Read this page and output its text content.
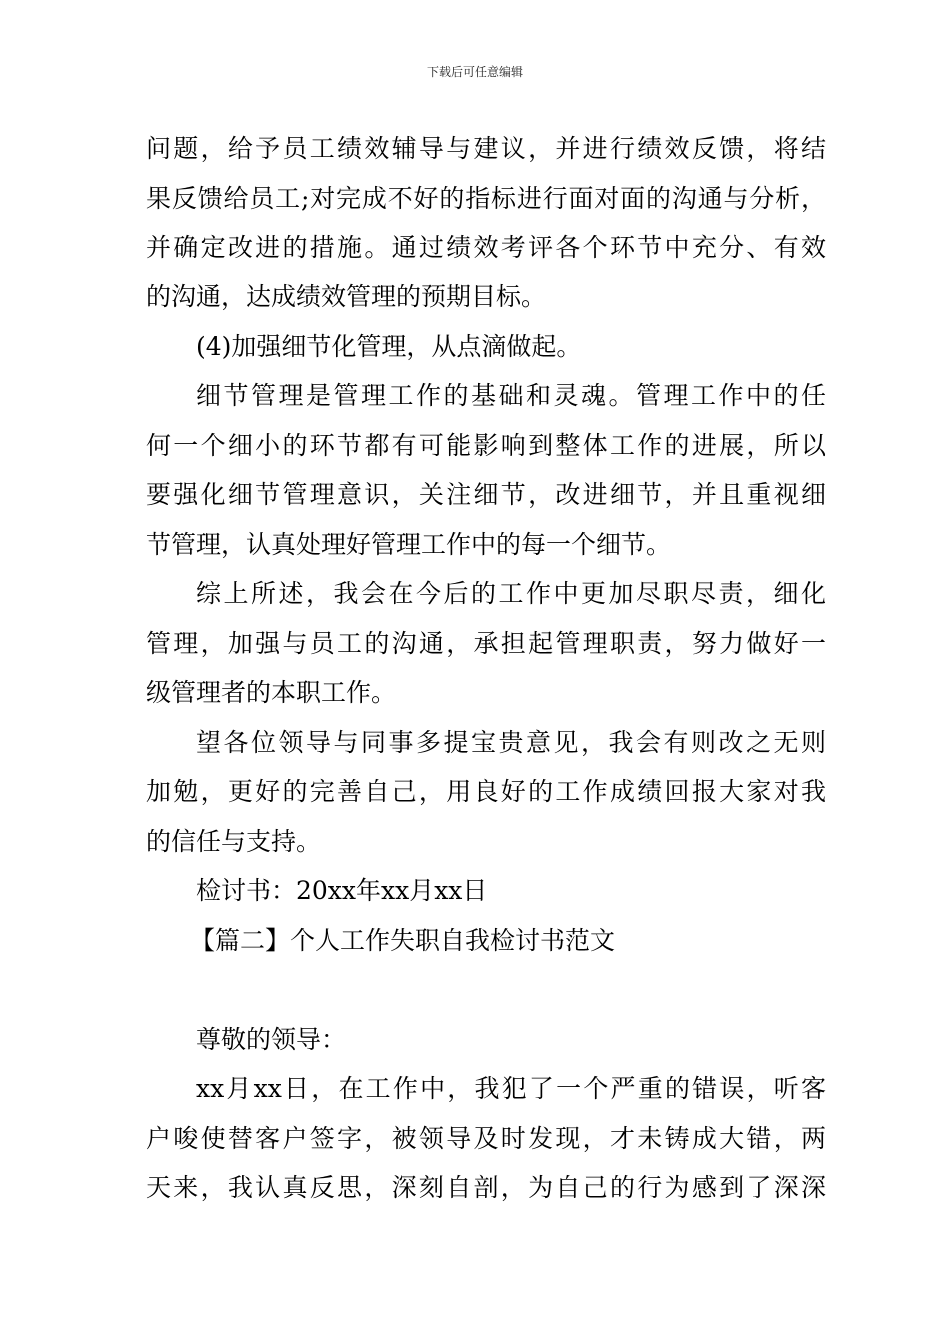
下载后可任意编辑
问题，给予员工绩效辅导与建议，并进行绩效反馈，将结
果反馈给员工;对完成不好的指标进行面对面的沟通与分析，
并确定改进的措施。通过绩效考评各个环节中充分、有效
的沟通，达成绩效管理的预期目标。
(4)加强细节化管理，从点滴做起。
细节管理是管理工作的基础和灵魂。管理工作中的任
何一个细小的环节都有可能影响到整体工作的进展，所以
要强化细节管理意识，关注细节，改进细节，并且重视细
节管理，认真处理好管理工作中的每一个细节。
综上所述，我会在今后的工作中更加尽职尽责，细化
管理，加强与员工的沟通，承担起管理职责，努力做好一
级管理者的本职工作。
望各位领导与同事多提宝贵意见，我会有则改之无则
加勉，更好的完善自己，用良好的工作成绩回报大家对我
的信任与支持。
检讨书：20xx年xx月xx日
【篇二】个人工作失职自我检讨书范文
尊敬的领导：
xx月xx日，在工作中，我犯了一个严重的错误，听客
户唆使替客户签字，被领导及时发现，才未铸成大错，两
天来，我认真反思，深刻自剖，为自己的行为感到了深深
